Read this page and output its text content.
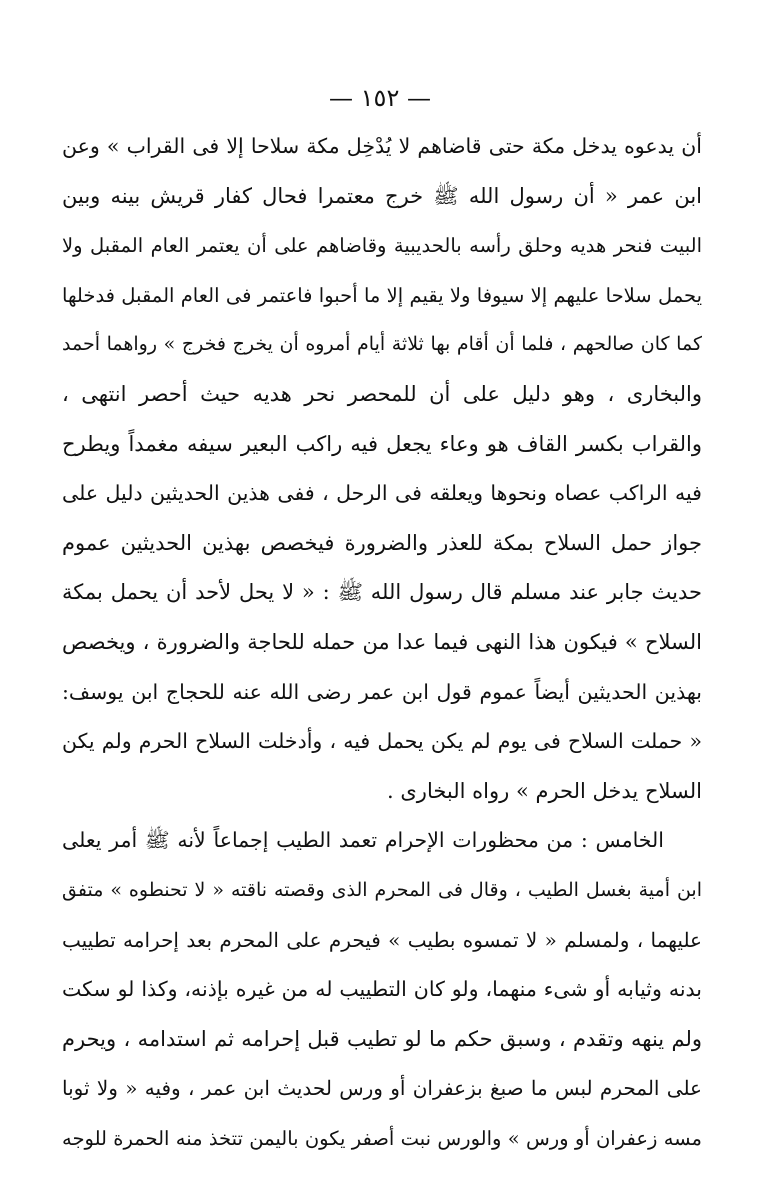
— ١٥٢ —
أن يدعوه يدخل مكة حتى قاضاهم لا يُدْخِل مكة سلاحا إلا فى القراب » وعن
ابن عمر « أن رسول الله ﷺ خرج معتمرا فحال كفار قريش بينه وبين
البيت فنحر هديه وحلق رأسه بالحديبية وقاضاهم على أن يعتمر العام المقبل ولا
يحمل سلاحا عليهم إلا سيوفا ولا يقيم إلا ما أحبوا فاعتمر فى العام المقبل فدخلها
كما كان صالحهم ، فلما أن أقام بها ثلاثة أيام أمروه أن يخرج فخرج » رواهما أحمد
والبخارى ، وهو دليل على أن للمحصر نحر هديه حيث أحصر انتهى ،
والقراب بكسر القاف هو وعاء يجعل فيه راكب البعير سيفه مغمداً ويطرح
فيه الراكب عصاه ونحوها ويعلقه فى الرحل ، ففى هذين الحديثين دليل على
جواز حمل السلاح بمكة للعذر والضرورة فيخصص بهذين الحديثين عموم
حديث جابر عند مسلم قال رسول الله ﷺ : « لا يحل لأحد أن يحمل بمكة
السلاح » فيكون هذا النهى فيما عدا من حمله للحاجة والضرورة ، ويخصص
بهذين الحديثين أيضاً عموم قول ابن عمر رضى الله عنه للحجاج ابن يوسف:
« حملت السلاح فى يوم لم يكن يحمل فيه ، وأدخلت السلاح الحرم ولم يكن
السلاح يدخل الحرم » رواه البخارى .
الخامس : من محظورات الإحرام تعمد الطيب إجماعاً لأنه ﷺ أمر يعلى
ابن أمية بغسل الطيب ، وقال فى المحرم الذى وقصته ناقته « لا تحنطوه » متفق
عليهما ، ولمسلم « لا تمسوه بطيب » فيحرم على المحرم بعد إحرامه تطييب
بدنه وثيابه أو شىء منهما، ولو كان التطييب له من غيره بإذنه، وكذا لو سكت
ولم ينهه وتقدم ، وسبق حكم ما لو تطيب قبل إحرامه ثم استدامه ، ويحرم
على المحرم لبس ما صبغ بزعفران أو ورس لحديث ابن عمر ، وفيه « ولا ثوبا
مسه زعفران أو ورس » والورس نبت أصفر يكون باليمن تتخذ منه الحمرة للوجه
